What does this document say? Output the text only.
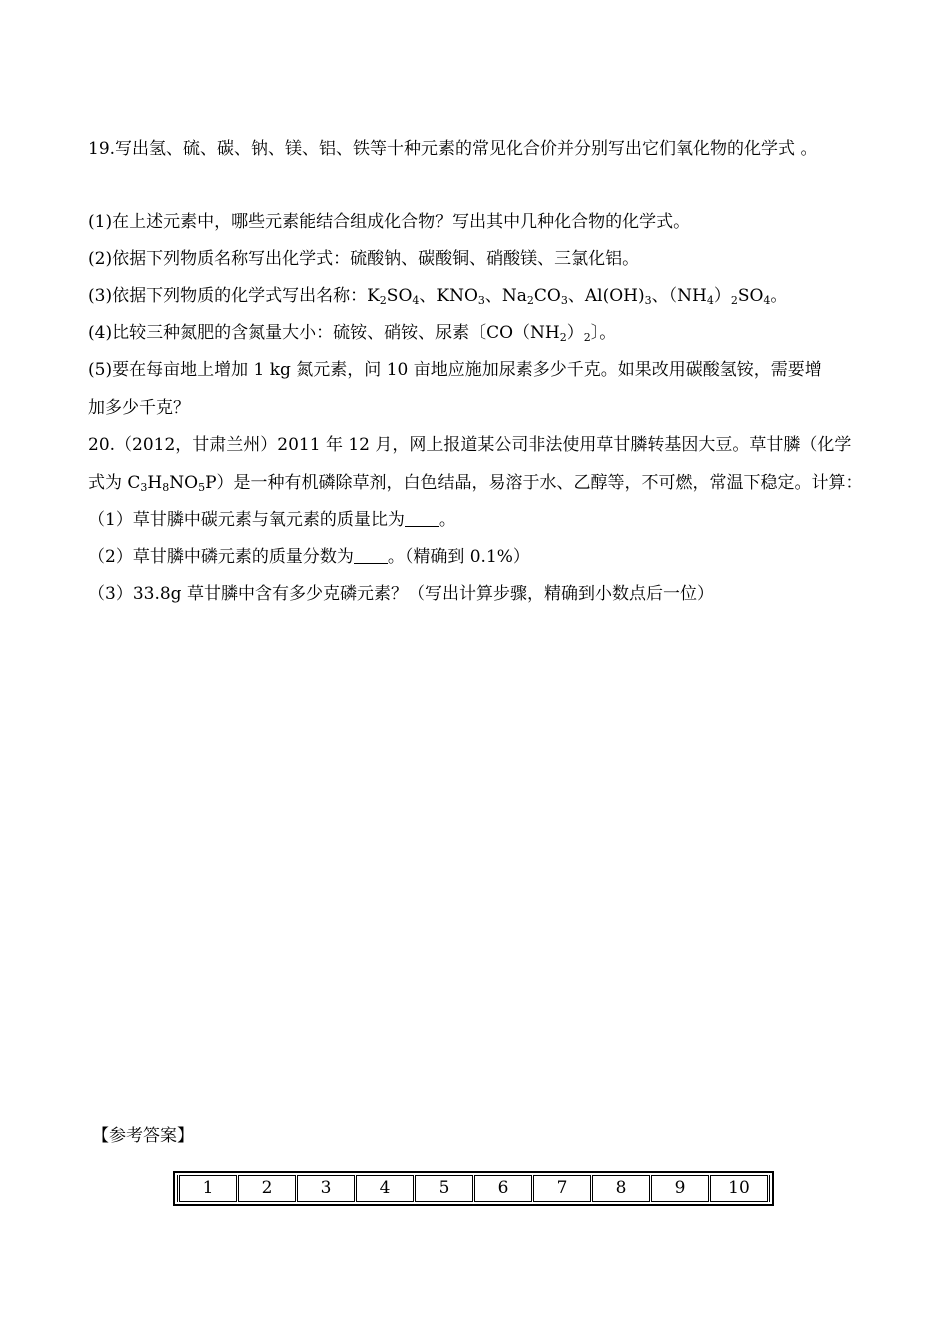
19.写出氢、硫、碳、钠、镁、铝、铁等十种元素的常见化合价并分别写出它们氧化物的化学式 。
(1)在上述元素中，哪些元素能结合组成化合物？写出其中几种化合物的化学式。
(2)依据下列物质名称写出化学式：硫酸钠、碳酸铜、硝酸镁、三氯化铝。
(3)依据下列物质的化学式写出名称：$K_2SO_4$、$KNO_3$、$Na_2CO_3$、$Al(OH)_3$、$(NH_4)_2SO_4$。
(4)比较三种氮肥的含氮量大小：硫铵、硝铵、尿素〔$CO(NH_2)_2$〕。
(5)要在每亩地上增加 1 kg 氮元素，问 10 亩地应施加尿素多少千克。如果改用碳酸氢铵，需要增
加多少千克？
20.（2012，甘肃兰州）2011 年 12 月，网上报道某公司非法使用草甘膦转基因大豆。草甘膦（化学
式为 $C_3H_8NO_5P$）是一种有机磷除草剂，白色结晶，易溶于水、乙醇等，不可燃，常温下稳定。计算：
（1）草甘膦中碳元素与氧元素的质量比为 。
（2）草甘膦中磷元素的质量分数为 。（精确到 0.1%）
（3）33.8g 草甘膦中含有多少克磷元素？（写出计算步骤，精确到小数点后一位）
【参考答案】
1	2	3	4	5	6	7	8	9	10
